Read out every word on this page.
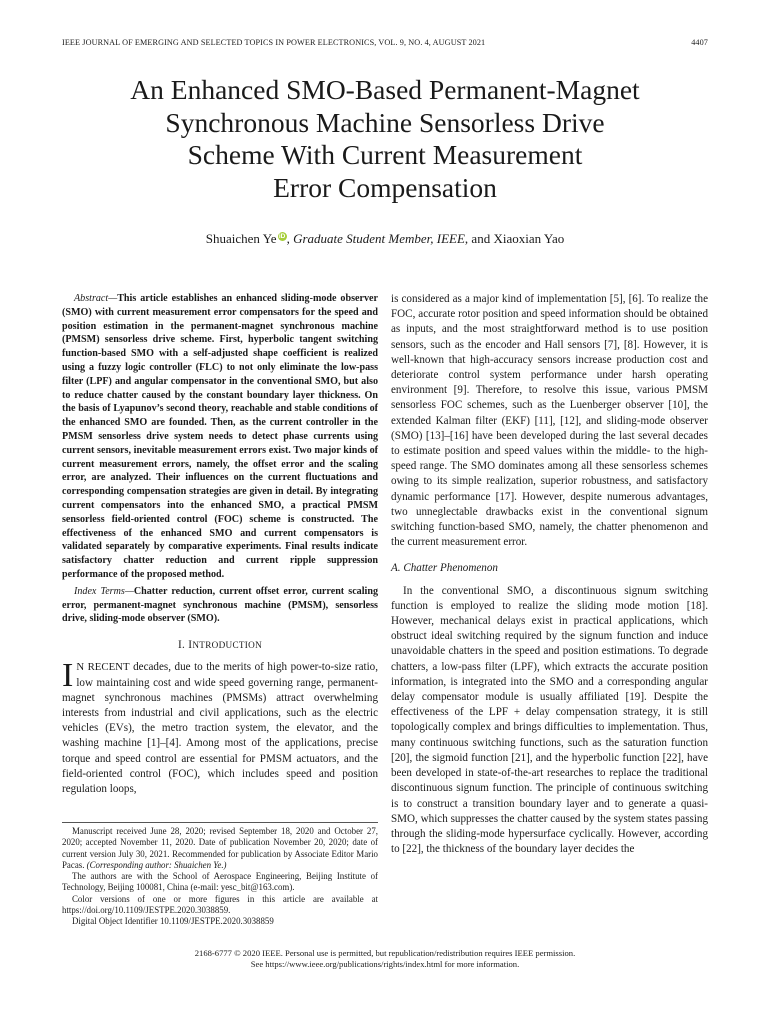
IEEE JOURNAL OF EMERGING AND SELECTED TOPICS IN POWER ELECTRONICS, VOL. 9, NO. 4, AUGUST 2021	4407
An Enhanced SMO-Based Permanent-Magnet
Synchronous Machine Sensorless Drive
Scheme With Current Measurement
Error Compensation
Shuaichen Ye iD, Graduate Student Member, IEEE, and Xiaoxian Yao

Abstract—This article establishes an enhanced sliding-mode observer (SMO) with current measurement error compensators for the speed and position estimation in the permanent-magnet synchronous machine (PMSM) sensorless drive scheme. First, hyperbolic tangent switching function-based SMO with a self-adjusted shape coefficient is realized using a fuzzy logic controller (FLC) to not only eliminate the low-pass filter (LPF) and angular compensator in the conventional SMO, but also to reduce chatter caused by the constant boundary layer thickness. On the basis of Lyapunov’s second theory, reachable and stable conditions of the enhanced SMO are founded. Then, as the current controller in the PMSM sensorless drive system needs to detect phase currents using current sensors, inevitable measurement errors exist. Two major kinds of current measurement errors, namely, the offset error and the scaling error, are analyzed. Their influences on the current fluctuations and corresponding compensation strategies are given in detail. By integrating current compensators into the enhanced SMO, a practical PMSM sensorless field-oriented control (FOC) scheme is constructed. The effectiveness of the enhanced SMO and current compensators is validated separately by comparative experiments. Final results indicate satisfactory chatter reduction and current ripple suppression performance of the proposed method.

Index Terms—Chatter reduction, current offset error, current scaling error, permanent-magnet synchronous machine (PMSM), sensorless drive, sliding-mode observer (SMO).

I. INTRODUCTION

I N RECENT decades, due to the merits of high power-to-size ratio, low maintaining cost and wide speed governing range, permanent-magnet synchronous machines (PMSMs) attract overwhelming interests from industrial and civil applications, such as the electric vehicles (EVs), the metro traction system, the elevator, and the washing machine [1]–[4]. Among most of the applications, precise torque and speed control are essential for PMSM actuators, and the field-oriented control (FOC), which includes speed and position regulation loops,

Manuscript received June 28, 2020; revised September 18, 2020 and October 27, 2020; accepted November 11, 2020. Date of publication November 20, 2020; date of current version July 30, 2021. Recommended for publication by Associate Editor Mario Pacas. (Corresponding author: Shuaichen Ye.)

The authors are with the School of Aerospace Engineering, Beijing Institute of Technology, Beijing 100081, China (e-mail: yesc_bit@163.com).

Color versions of one or more figures in this article are available at https://doi.org/10.1109/JESTPE.2020.3038859.

Digital Object Identifier 10.1109/JESTPE.2020.3038859

is considered as a major kind of implementation [5], [6]. To realize the FOC, accurate rotor position and speed information should be obtained as inputs, and the most straightforward method is to use position sensors, such as the encoder and Hall sensors [7], [8]. However, it is well-known that high-accuracy sensors increase production cost and deteriorate control system performance under harsh operating environment [9]. Therefore, to resolve this issue, various PMSM sensorless FOC schemes, such as the Luenberger observer [10], the extended Kalman filter (EKF) [11], [12], and sliding-mode observer (SMO) [13]–[16] have been developed during the last several decades to estimate position and speed values within the middle- to the high-speed range. The SMO dominates among all these sensorless schemes owing to its simple realization, superior robustness, and satisfactory dynamic performance [17]. However, despite numerous advantages, two unneglectable drawbacks exist in the conventional signum switching function-based SMO, namely, the chatter phenomenon and the current measurement error.

A. Chatter Phenomenon

In the conventional SMO, a discontinuous signum switching function is employed to realize the sliding mode motion [18]. However, mechanical delays exist in practical applications, which obstruct ideal switching required by the signum function and induce unavoidable chatters in the speed and position estimations. To degrade chatters, a low-pass filter (LPF), which extracts the accurate position information, is integrated into the SMO and a corresponding angular delay compensator module is usually affiliated [19]. Despite the effectiveness of the LPF + delay compensation strategy, it is still topologically complex and brings difficulties to implementation. Thus, many continuous switching functions, such as the saturation function [20], the sigmoid function [21], and the hyperbolic function [22], have been developed in state-of-the-art researches to replace the traditional discontinuous signum function. The principle of continuous switching is to construct a transition boundary layer and to generate a quasi-SMO, which suppresses the chatter caused by the system states passing through the sliding-mode hypersurface cyclically. However, according to [22], the thickness of the boundary layer decides the

2168-6777 © 2020 IEEE. Personal use is permitted, but republication/redistribution requires IEEE permission.
See https://www.ieee.org/publications/rights/index.html for more information.
